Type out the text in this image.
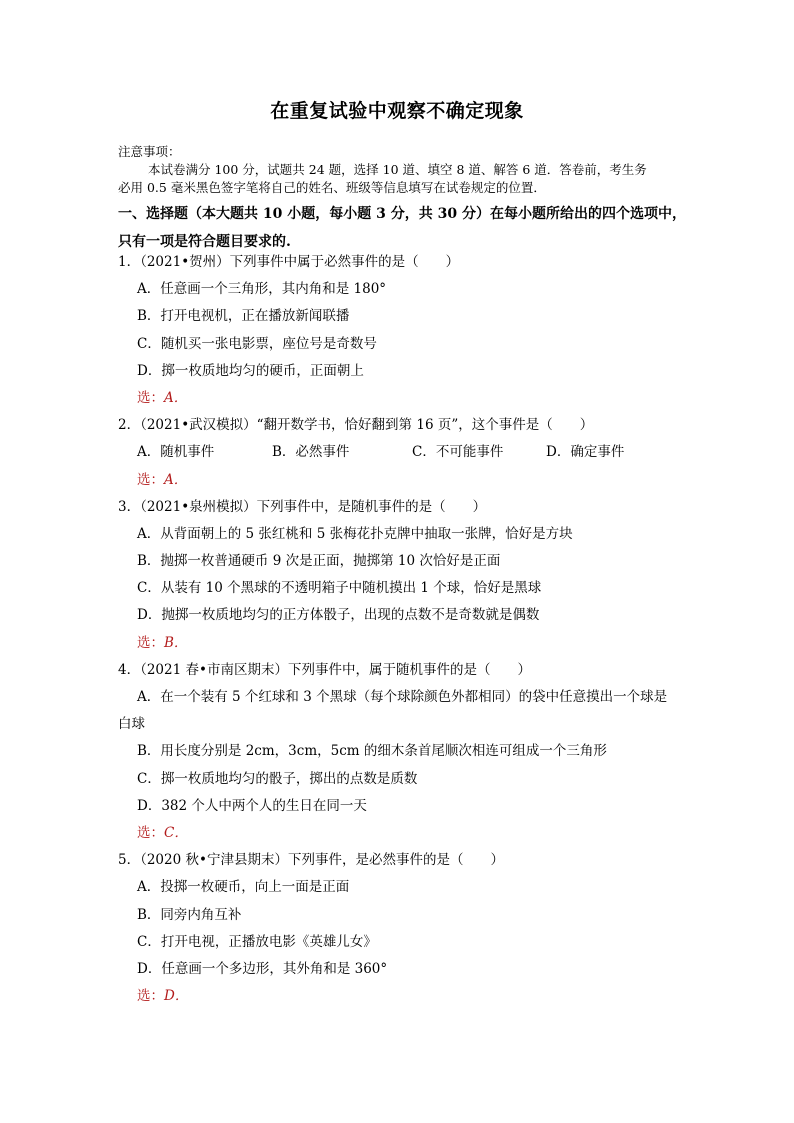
在重复试验中观察不确定现象
注意事项：
本试卷满分 100 分，试题共 24 题，选择 10 道、填空 8 道、解答 6 道．答卷前，考生务
必用 0.5 毫米黑色签字笔将自己的姓名、班级等信息填写在试卷规定的位置．
一、选择题（本大题共 10 小题，每小题 3 分，共 30 分）在每小题所给出的四个选项中，
只有一项是符合题目要求的.
1．（2021•贺州）下列事件中属于必然事件的是（　　）
A．任意画一个三角形，其内角和是 180°
B．打开电视机，正在播放新闻联播
C．随机买一张电影票，座位号是奇数号
D．掷一枚质地均匀的硬币，正面朝上
选：A．
2．（2021•武汉模拟）“翻开数学书，恰好翻到第 16 页”，这个事件是（　　）
A．随机事件	B．必然事件	C．不可能事件	D．确定事件
选：A．
3．（2021•泉州模拟）下列事件中，是随机事件的是（　　）
A．从背面朝上的 5 张红桃和 5 张梅花扑克牌中抽取一张牌，恰好是方块
B．抛掷一枚普通硬币 9 次是正面，抛掷第 10 次恰好是正面
C．从装有 10 个黑球的不透明箱子中随机摸出 1 个球，恰好是黑球
D．抛掷一枚质地均匀的正方体骰子，出现的点数不是奇数就是偶数
选：B．
4．（2021 春•市南区期末）下列事件中，属于随机事件的是（　　）
A．在一个装有 5 个红球和 3 个黑球（每个球除颜色外都相同）的袋中任意摸出一个球是
白球
B．用长度分别是 2cm，3cm，5cm 的细木条首尾顺次相连可组成一个三角形
C．掷一枚质地均匀的骰子，掷出的点数是质数
D．382 个人中两个人的生日在同一天
选：C．
5．（2020 秋•宁津县期末）下列事件，是必然事件的是（　　）
A．投掷一枚硬币，向上一面是正面
B．同旁内角互补
C．打开电视，正播放电影《英雄儿女》
D．任意画一个多边形，其外角和是 360°
选：D．
